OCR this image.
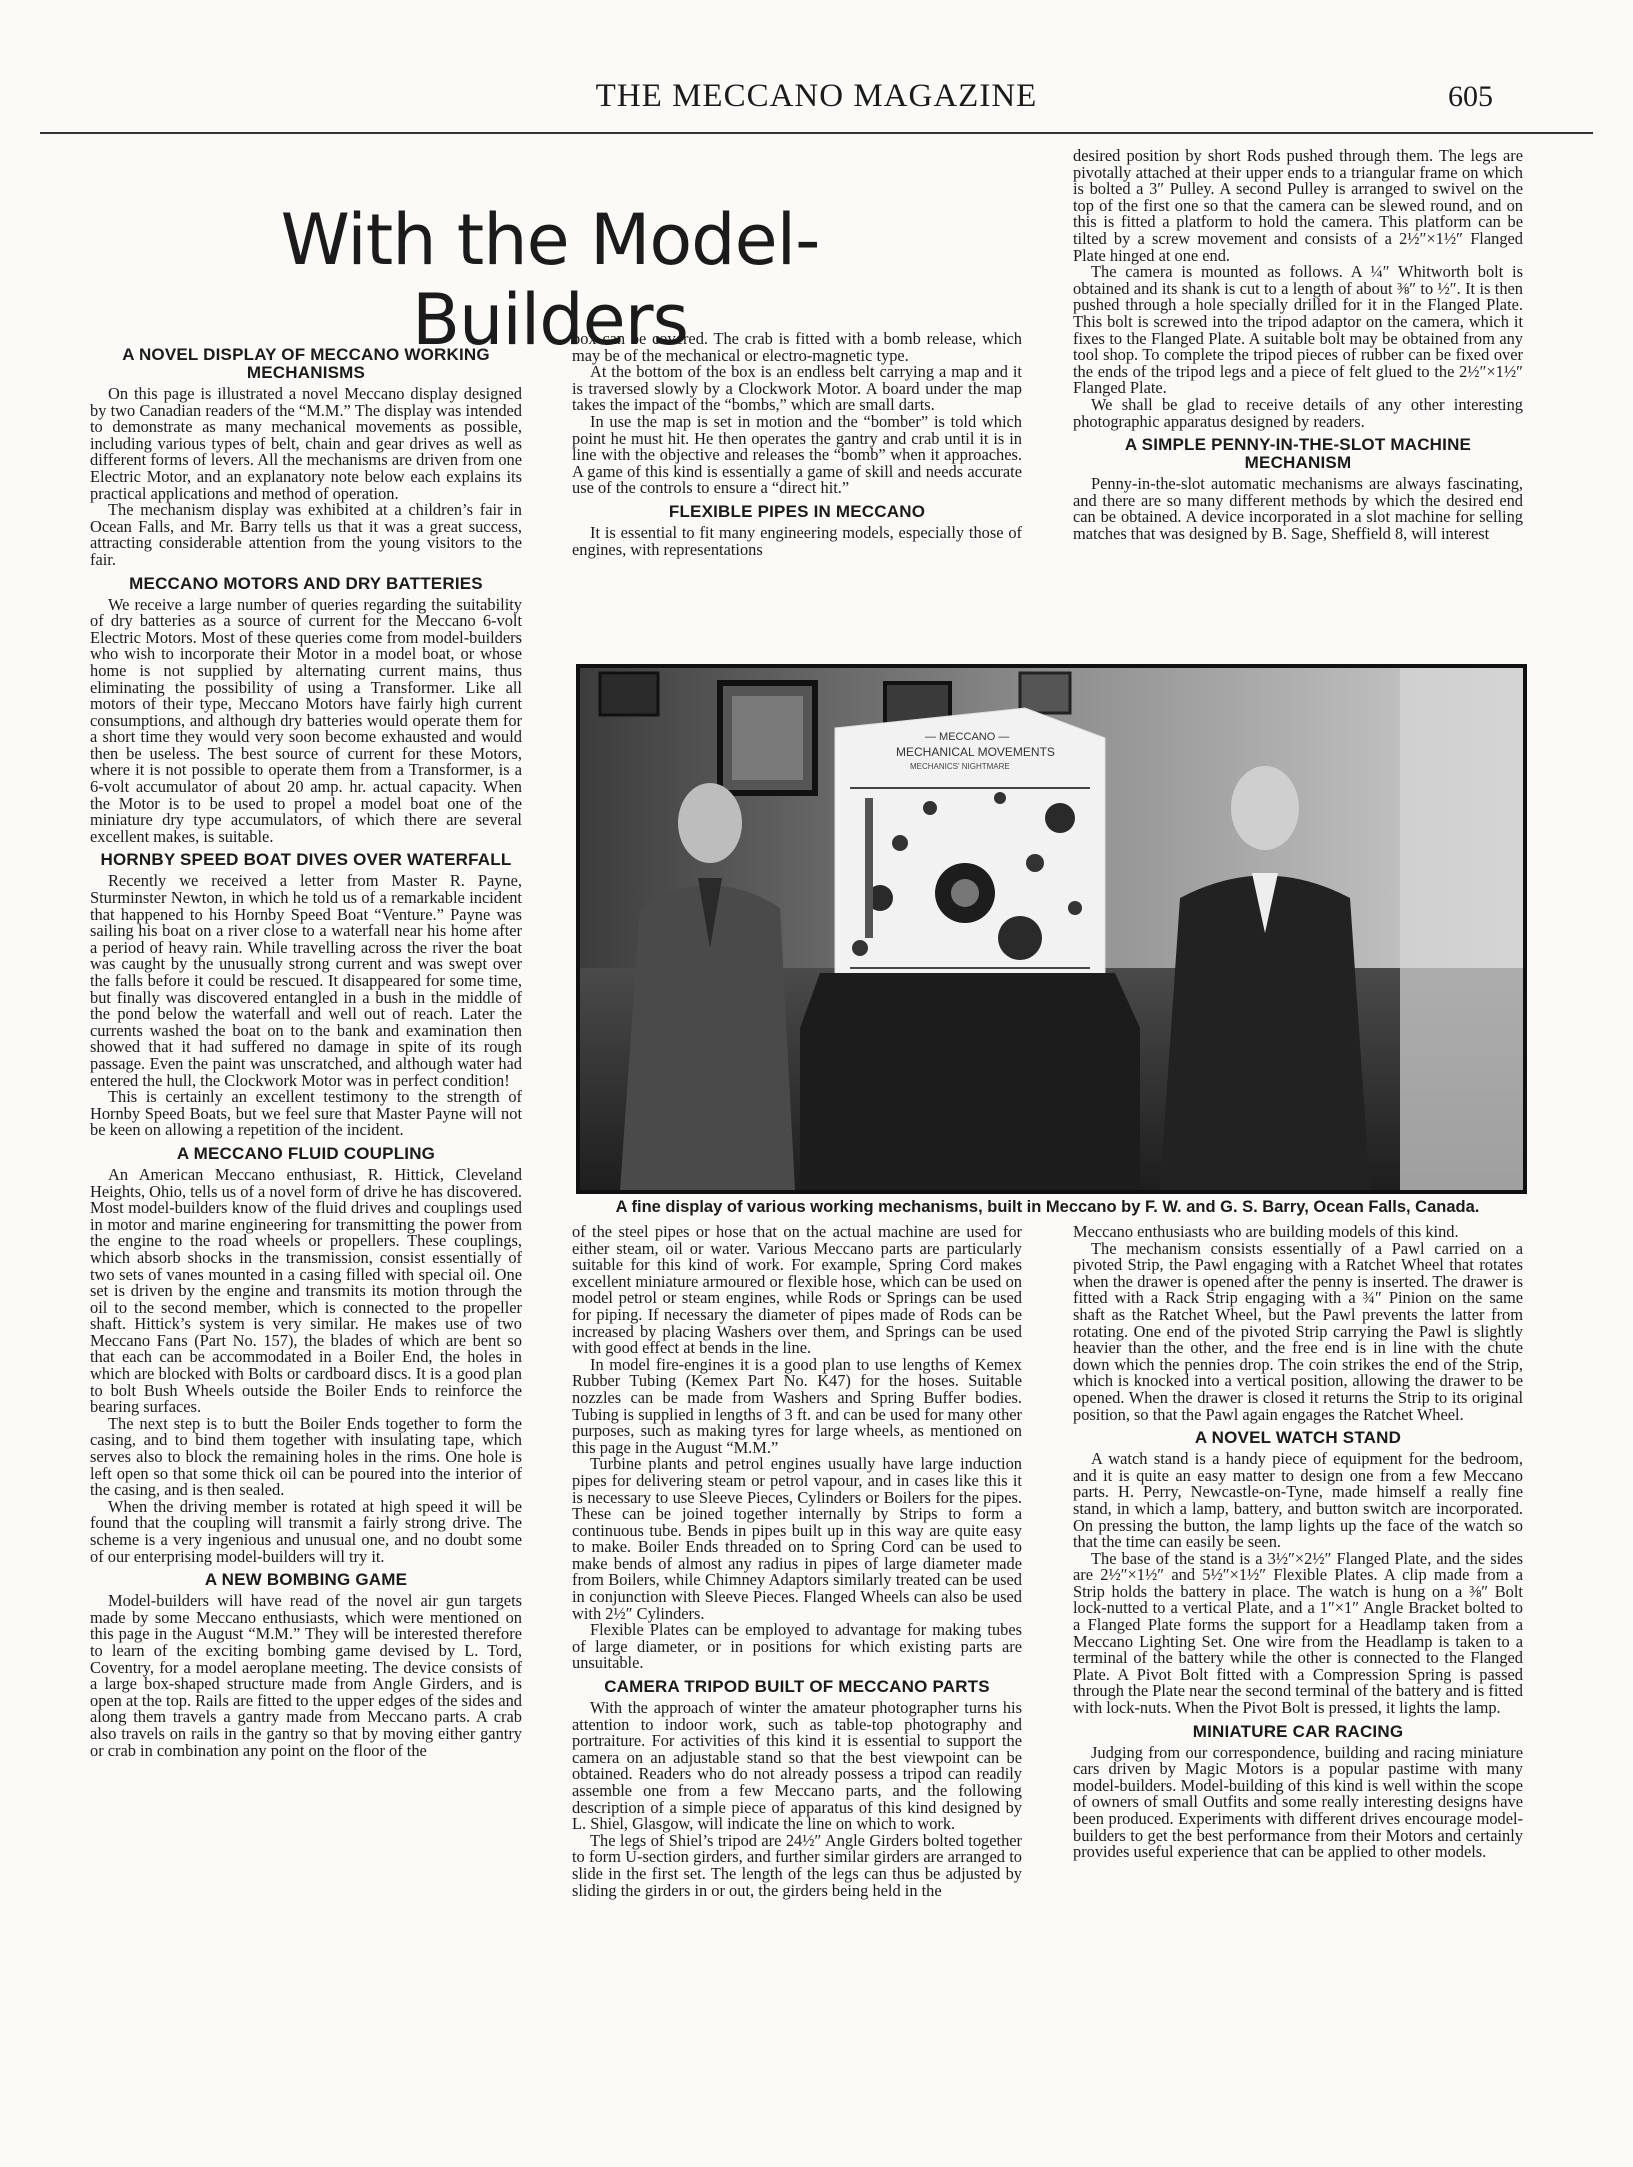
THE MECCANO MAGAZINE	605
With the Model-Builders
A NOVEL DISPLAY OF MECCANO WORKING MECHANISMS

On this page is illustrated a novel Meccano display designed by two Canadian readers of the “M.M.” The display was intended to demonstrate as many mechanical movements as possible, including various types of belt, chain and gear drives as well as different forms of levers. All the mechanisms are driven from one Electric Motor, and an explanatory note below each explains its practical applications and method of operation.

The mechanism display was exhibited at a children’s fair in Ocean Falls, and Mr. Barry tells us that it was a great success, attracting considerable attention from the young visitors to the fair.

MECCANO MOTORS AND DRY BATTERIES

We receive a large number of queries regarding the suitability of dry batteries as a source of current for the Meccano 6-volt Electric Motors. Most of these queries come from model-builders who wish to incorporate their Motor in a model boat, or whose home is not supplied by alternating current mains, thus eliminating the possibility of using a Transformer. Like all motors of their type, Meccano Motors have fairly high current consumptions, and although dry batteries would operate them for a short time they would very soon become exhausted and would then be useless. The best source of current for these Motors, where it is not possible to operate them from a Transformer, is a 6-volt accumulator of about 20 amp. hr. actual capacity. When the Motor is to be used to propel a model boat one of the miniature dry type accumulators, of which there are several excellent makes, is suitable.

HORNBY SPEED BOAT DIVES OVER WATERFALL

Recently we received a letter from Master R. Payne, Sturminster Newton, in which he told us of a remarkable incident that happened to his Hornby Speed Boat “Venture.” Payne was sailing his boat on a river close to a waterfall near his home after a period of heavy rain. While travelling across the river the boat was caught by the unusually strong current and was swept over the falls before it could be rescued. It disappeared for some time, but finally was discovered entangled in a bush in the middle of the pond below the waterfall and well out of reach. Later the currents washed the boat on to the bank and examination then showed that it had suffered no damage in spite of its rough passage. Even the paint was unscratched, and although water had entered the hull, the Clockwork Motor was in perfect condition!

This is certainly an excellent testimony to the strength of Hornby Speed Boats, but we feel sure that Master Payne will not be keen on allowing a repetition of the incident.

A MECCANO FLUID COUPLING

An American Meccano enthusiast, R. Hittick, Cleveland Heights, Ohio, tells us of a novel form of drive he has discovered. Most model-builders know of the fluid drives and couplings used in motor and marine engineering for transmitting the power from the engine to the road wheels or propellers. These couplings, which absorb shocks in the transmission, consist essentially of two sets of vanes mounted in a casing filled with special oil. One set is driven by the engine and transmits its motion through the oil to the second member, which is connected to the propeller shaft. Hittick’s system is very similar. He makes use of two Meccano Fans (Part No. 157), the blades of which are bent so that each can be accommodated in a Boiler End, the holes in which are blocked with Bolts or cardboard discs. It is a good plan to bolt Bush Wheels outside the Boiler Ends to reinforce the bearing surfaces.

The next step is to butt the Boiler Ends together to form the casing, and to bind them together with insulating tape, which serves also to block the remaining holes in the rims. One hole is left open so that some thick oil can be poured into the interior of the casing, and is then sealed.

When the driving member is rotated at high speed it will be found that the coupling will transmit a fairly strong drive. The scheme is a very ingenious and unusual one, and no doubt some of our enterprising model-builders will try it.

A NEW BOMBING GAME

Model-builders will have read of the novel air gun targets made by some Meccano enthusiasts, which were mentioned on this page in the August “M.M.” They will be interested therefore to learn of the exciting bombing game devised by L. Tord, Coventry, for a model aeroplane meeting. The device consists of a large box-shaped structure made from Angle Girders, and is open at the top. Rails are fitted to the upper edges of the sides and along them travels a gantry made from Meccano parts. A crab also travels on rails in the gantry so that by moving either gantry or crab in combination any point on the floor of the

box can be covered. The crab is fitted with a bomb release, which may be of the mechanical or electro-magnetic type.

At the bottom of the box is an endless belt carrying a map and it is traversed slowly by a Clockwork Motor. A board under the map takes the impact of the “bombs,” which are small darts.

In use the map is set in motion and the “bomber” is told which point he must hit. He then operates the gantry and crab until it is in line with the objective and releases the “bomb” when it approaches. A game of this kind is essentially a game of skill and needs accurate use of the controls to ensure a “direct hit.”

FLEXIBLE PIPES IN MECCANO

It is essential to fit many engineering models, especially those of engines, with representations

desired position by short Rods pushed through them. The legs are pivotally attached at their upper ends to a triangular frame on which is bolted a 3″ Pulley. A second Pulley is arranged to swivel on the top of the first one so that the camera can be slewed round, and on this is fitted a platform to hold the camera. This platform can be tilted by a screw movement and consists of a 2½″×1½″ Flanged Plate hinged at one end.

The camera is mounted as follows. A ¼″ Whitworth bolt is obtained and its shank is cut to a length of about ⅜″ to ½″. It is then pushed through a hole specially drilled for it in the Flanged Plate. This bolt is screwed into the tripod adaptor on the camera, which it fixes to the Flanged Plate. A suitable bolt may be obtained from any tool shop. To complete the tripod pieces of rubber can be fixed over the ends of the tripod legs and a piece of felt glued to the 2½″×1½″ Flanged Plate.

We shall be glad to receive details of any other interesting photographic apparatus designed by readers.

A SIMPLE PENNY-IN-THE-SLOT MACHINE MECHANISM

Penny-in-the-slot automatic mechanisms are always fascinating, and there are so many different methods by which the desired end can be obtained. A device incorporated in a slot machine for selling matches that was designed by B. Sage, Sheffield 8, will interest

— MECCANO —
MECHANICAL MOVEMENTS
MECHANICS' NIGHTMARE
A fine display of various working mechanisms, built in Meccano by F. W. and G. S. Barry, Ocean Falls, Canada.

of the steel pipes or hose that on the actual machine are used for either steam, oil or water. Various Meccano parts are particularly suitable for this kind of work. For example, Spring Cord makes excellent miniature armoured or flexible hose, which can be used on model petrol or steam engines, while Rods or Springs can be used for piping. If necessary the diameter of pipes made of Rods can be increased by placing Washers over them, and Springs can be used with good effect at bends in the line.

In model fire-engines it is a good plan to use lengths of Kemex Rubber Tubing (Kemex Part No. K47) for the hoses. Suitable nozzles can be made from Washers and Spring Buffer bodies. Tubing is supplied in lengths of 3 ft. and can be used for many other purposes, such as making tyres for large wheels, as mentioned on this page in the August “M.M.”

Turbine plants and petrol engines usually have large induction pipes for delivering steam or petrol vapour, and in cases like this it is necessary to use Sleeve Pieces, Cylinders or Boilers for the pipes. These can be joined together internally by Strips to form a continuous tube. Bends in pipes built up in this way are quite easy to make. Boiler Ends threaded on to Spring Cord can be used to make bends of almost any radius in pipes of large diameter made from Boilers, while Chimney Adaptors similarly treated can be used in conjunction with Sleeve Pieces. Flanged Wheels can also be used with 2½″ Cylinders.

Flexible Plates can be employed to advantage for making tubes of large diameter, or in positions for which existing parts are unsuitable.

CAMERA TRIPOD BUILT OF MECCANO PARTS

With the approach of winter the amateur photographer turns his attention to indoor work, such as table-top photography and portraiture. For activities of this kind it is essential to support the camera on an adjustable stand so that the best viewpoint can be obtained. Readers who do not already possess a tripod can readily assemble one from a few Meccano parts, and the following description of a simple piece of apparatus of this kind designed by L. Shiel, Glasgow, will indicate the line on which to work.

The legs of Shiel’s tripod are 24½″ Angle Girders bolted together to form U-section girders, and further similar girders are arranged to slide in the first set. The length of the legs can thus be adjusted by sliding the girders in or out, the girders being held in the

Meccano enthusiasts who are building models of this kind.

The mechanism consists essentially of a Pawl carried on a pivoted Strip, the Pawl engaging with a Ratchet Wheel that rotates when the drawer is opened after the penny is inserted. The drawer is fitted with a Rack Strip engaging with a ¾″ Pinion on the same shaft as the Ratchet Wheel, but the Pawl prevents the latter from rotating. One end of the pivoted Strip carrying the Pawl is slightly heavier than the other, and the free end is in line with the chute down which the pennies drop. The coin strikes the end of the Strip, which is knocked into a vertical position, allowing the drawer to be opened. When the drawer is closed it returns the Strip to its original position, so that the Pawl again engages the Ratchet Wheel.

A NOVEL WATCH STAND

A watch stand is a handy piece of equipment for the bedroom, and it is quite an easy matter to design one from a few Meccano parts. H. Perry, Newcastle-on-Tyne, made himself a really fine stand, in which a lamp, battery, and button switch are incorporated. On pressing the button, the lamp lights up the face of the watch so that the time can easily be seen.

The base of the stand is a 3½″×2½″ Flanged Plate, and the sides are 2½″×1½″ and 5½″×1½″ Flexible Plates. A clip made from a Strip holds the battery in place. The watch is hung on a ⅜″ Bolt lock-nutted to a vertical Plate, and a 1″×1″ Angle Bracket bolted to a Flanged Plate forms the support for a Headlamp taken from a Meccano Lighting Set. One wire from the Headlamp is taken to a terminal of the battery while the other is connected to the Flanged Plate. A Pivot Bolt fitted with a Compression Spring is passed through the Plate near the second terminal of the battery and is fitted with lock-nuts. When the Pivot Bolt is pressed, it lights the lamp.

MINIATURE CAR RACING

Judging from our correspondence, building and racing miniature cars driven by Magic Motors is a popular pastime with many model-builders. Model-building of this kind is well within the scope of owners of small Outfits and some really interesting designs have been produced. Experiments with different drives encourage model-builders to get the best performance from their Motors and certainly provides useful experience that can be applied to other models.
